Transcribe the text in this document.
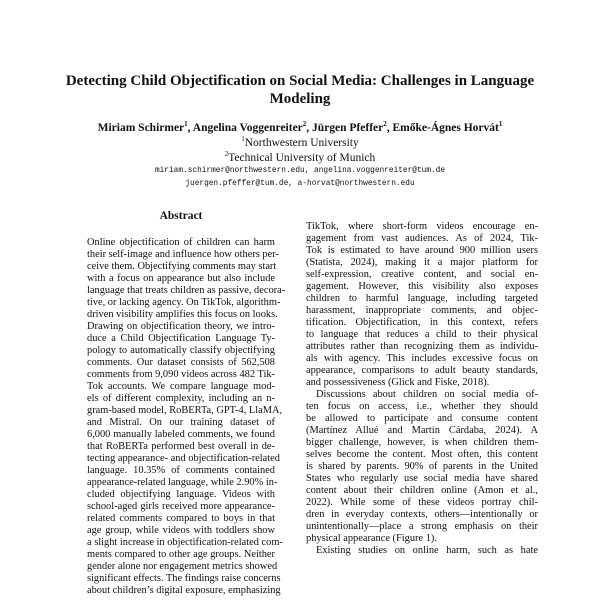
Detecting Child Objectification on Social Media: Challenges in Language Modeling
Miriam Schirmer$^1$, Angelina Voggenreiter$^2$, Jürgen Pfeffer$^2$, Emőke-Ágnes Horvát$^1$
$^1$Northwestern University
$^2$Technical University of Munich
miriam.schirmer@northwestern.edu, angelina.voggenreiter@tum.de
juergen.pfeffer@tum.de, a-horvat@northwestern.edu
Abstract
Online objectification of children can harm
their self-image and influence how others per-
ceive them. Objectifying comments may start
with a focus on appearance but also include
language that treats children as passive, decora-
tive, or lacking agency. On TikTok, algorithm-
driven visibility amplifies this focus on looks.
Drawing on objectification theory, we intro-
duce a Child Objectification Language Ty-
pology to automatically classify objectifying
comments. Our dataset consists of 562,508
comments from 9,090 videos across 482 Tik-
Tok accounts. We compare language mod-
els of different complexity, including an n-
gram-based model, RoBERTa, GPT-4, LlaMA,
and Mistral. On our training dataset of
6,000 manually labeled comments, we found
that RoBERTa performed best overall in de-
tecting appearance- and objectification-related
language. 10.35% of comments contained
appearance-related language, while 2.90% in-
cluded objectifying language. Videos with
school-aged girls received more appearance-
related comments compared to boys in that
age group, while videos with toddlers show
a slight increase in objectification-related com-
ments compared to other age groups. Neither
gender alone nor engagement metrics showed
significant effects. The findings raise concerns
about children’s digital exposure, emphasizing
TikTok, where short-form videos encourage en-
gagement from vast audiences. As of 2024, Tik-
Tok is estimated to have around 900 million users
(Statista, 2024), making it a major platform for
self-expression, creative content, and social en-
gagement. However, this visibility also exposes
children to harmful language, including targeted
harassment, inappropriate comments, and objec-
tification. Objectification, in this context, refers
to language that reduces a child to their physical
attributes rather than recognizing them as individu-
als with agency. This includes excessive focus on
appearance, comparisons to adult beauty standards,
and possessiveness (Glick and Fiske, 2018).
Discussions about children on social media of-
ten focus on access, i.e., whether they should
be allowed to participate and consume content
(Martínez Allué and Martín Cárdaba, 2024). A
bigger challenge, however, is when children them-
selves become the content. Most often, this content
is shared by parents. 90% of parents in the United
States who regularly use social media have shared
content about their children online (Amon et al.,
2022). While some of these videos portray chil-
dren in everyday contexts, others—intentionally or
unintentionally—place a strong emphasis on their
physical appearance (Figure 1).
Existing studies on online harm, such as hate
